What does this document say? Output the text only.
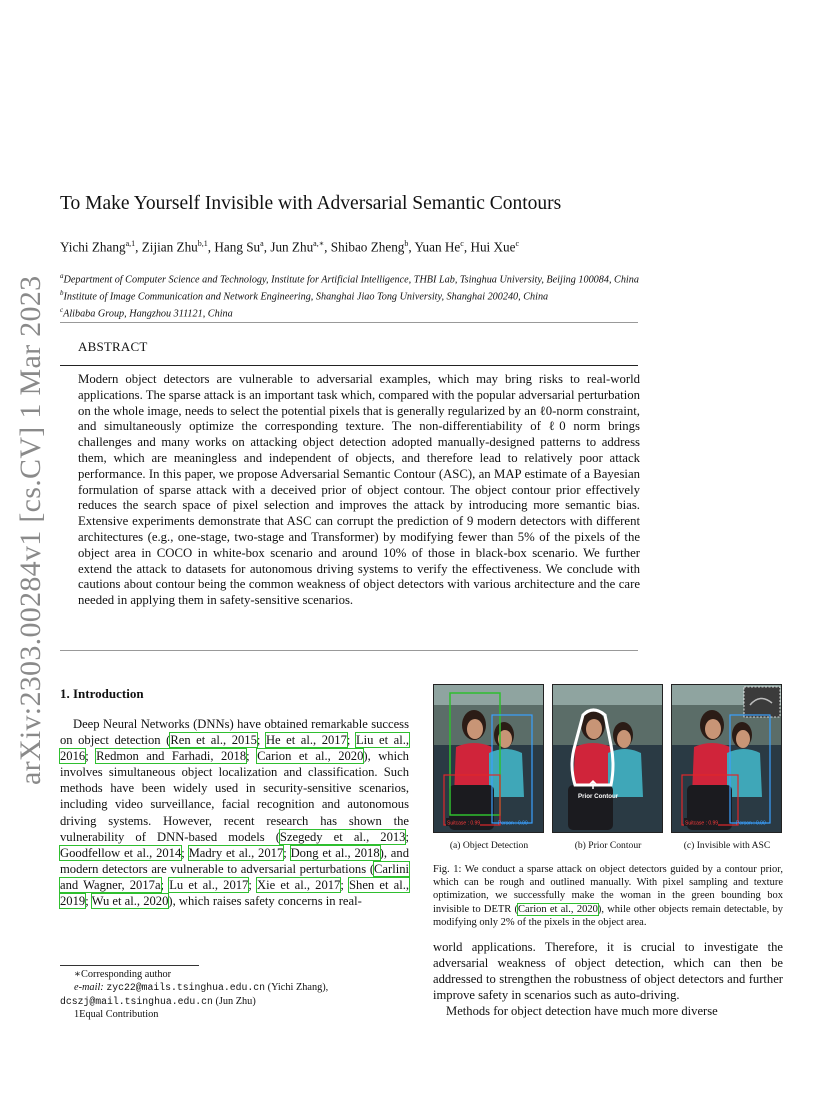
arXiv:2303.00284v1 [cs.CV] 1 Mar 2023
To Make Yourself Invisible with Adversarial Semantic Contours
Yichi Zhang$^{a,1}$, Zijian Zhu$^{b,1}$, Hang Su$^a$, Jun Zhu$^{a,∗}$, Shibao Zheng$^b$, Yuan He$^c$, Hui Xue$^c$
$^a$Department of Computer Science and Technology, Institute for Artificial Intelligence, THBI Lab, Tsinghua University, Beijing 100084, China
$^b$Institute of Image Communication and Network Engineering, Shanghai Jiao Tong University, Shanghai 200240, China
$^c$Alibaba Group, Hangzhou 311121, China
ABSTRACT
Modern object detectors are vulnerable to adversarial examples, which may bring risks to real-world applications. The sparse attack is an important task which, compared with the popular adversarial perturbation on the whole image, needs to select the potential pixels that is generally regularized by an ℓ0-norm constraint, and simultaneously optimize the corresponding texture. The non-differentiability of ℓ0 norm brings challenges and many works on attacking object detection adopted manually-designed patterns to address them, which are meaningless and independent of objects, and therefore lead to relatively poor attack performance. In this paper, we propose Adversarial Semantic Contour (ASC), an MAP estimate of a Bayesian formulation of sparse attack with a deceived prior of object contour. The object contour prior effectively reduces the search space of pixel selection and improves the attack by introducing more semantic bias. Extensive experiments demonstrate that ASC can corrupt the prediction of 9 modern detectors with different architectures (e.g., one-stage, two-stage and Transformer) by modifying fewer than 5% of the pixels of the object area in COCO in white-box scenario and around 10% of those in black-box scenario. We further extend the attack to datasets for autonomous driving systems to verify the effectiveness. We conclude with cautions about contour being the common weakness of object detectors with various architecture and the care needed in applying them in safety-sensitive scenarios.
1. Introduction

Deep Neural Networks (DNNs) have obtained remarkable success on object detection (Ren et al., 2015; He et al., 2017; Liu et al., 2016; Redmon and Farhadi, 2018; Carion et al., 2020), which involves simultaneous object localization and classification. Such methods have been widely used in security-sensitive scenarios, including video surveillance, facial recognition and autonomous driving systems. However, recent research has shown the vulnerability of DNN-based models (Szegedy et al., 2013; Goodfellow et al., 2014; Madry et al., 2017; Dong et al., 2018), and modern detectors are vulnerable to adversarial perturbations (Carlini and Wagner, 2017a; Lu et al., 2017; Xie et al., 2017; Shen et al., 2019; Wu et al., 2020), which raises safety concerns in real-

∗Corresponding author
e-mail: zyc22@mails.tsinghua.edu.cn (Yichi Zhang),
dcszj@mail.tsinghua.edu.cn (Jun Zhu)
1Equal Contribution
Suitcase : 0.99	Person : 0.99
(a) Object Detection
Prior Contour
(b) Prior Contour
Suitcase : 0.99	Person : 0.99
(c) Invisible with ASC
Fig. 1: We conduct a sparse attack on object detectors guided by a contour prior, which can be rough and outlined manually. With pixel sampling and texture optimization, we successfully make the woman in the green bounding box invisible to DETR (Carion et al., 2020), while other objects remain detectable, by modifying only 2% of the pixels in the object area.

world applications. Therefore, it is crucial to investigate the adversarial weakness of object detection, which can then be addressed to strengthen the robustness of object detectors and further improve safety in scenarios such as auto-driving.

Methods for object detection have much more diverse
